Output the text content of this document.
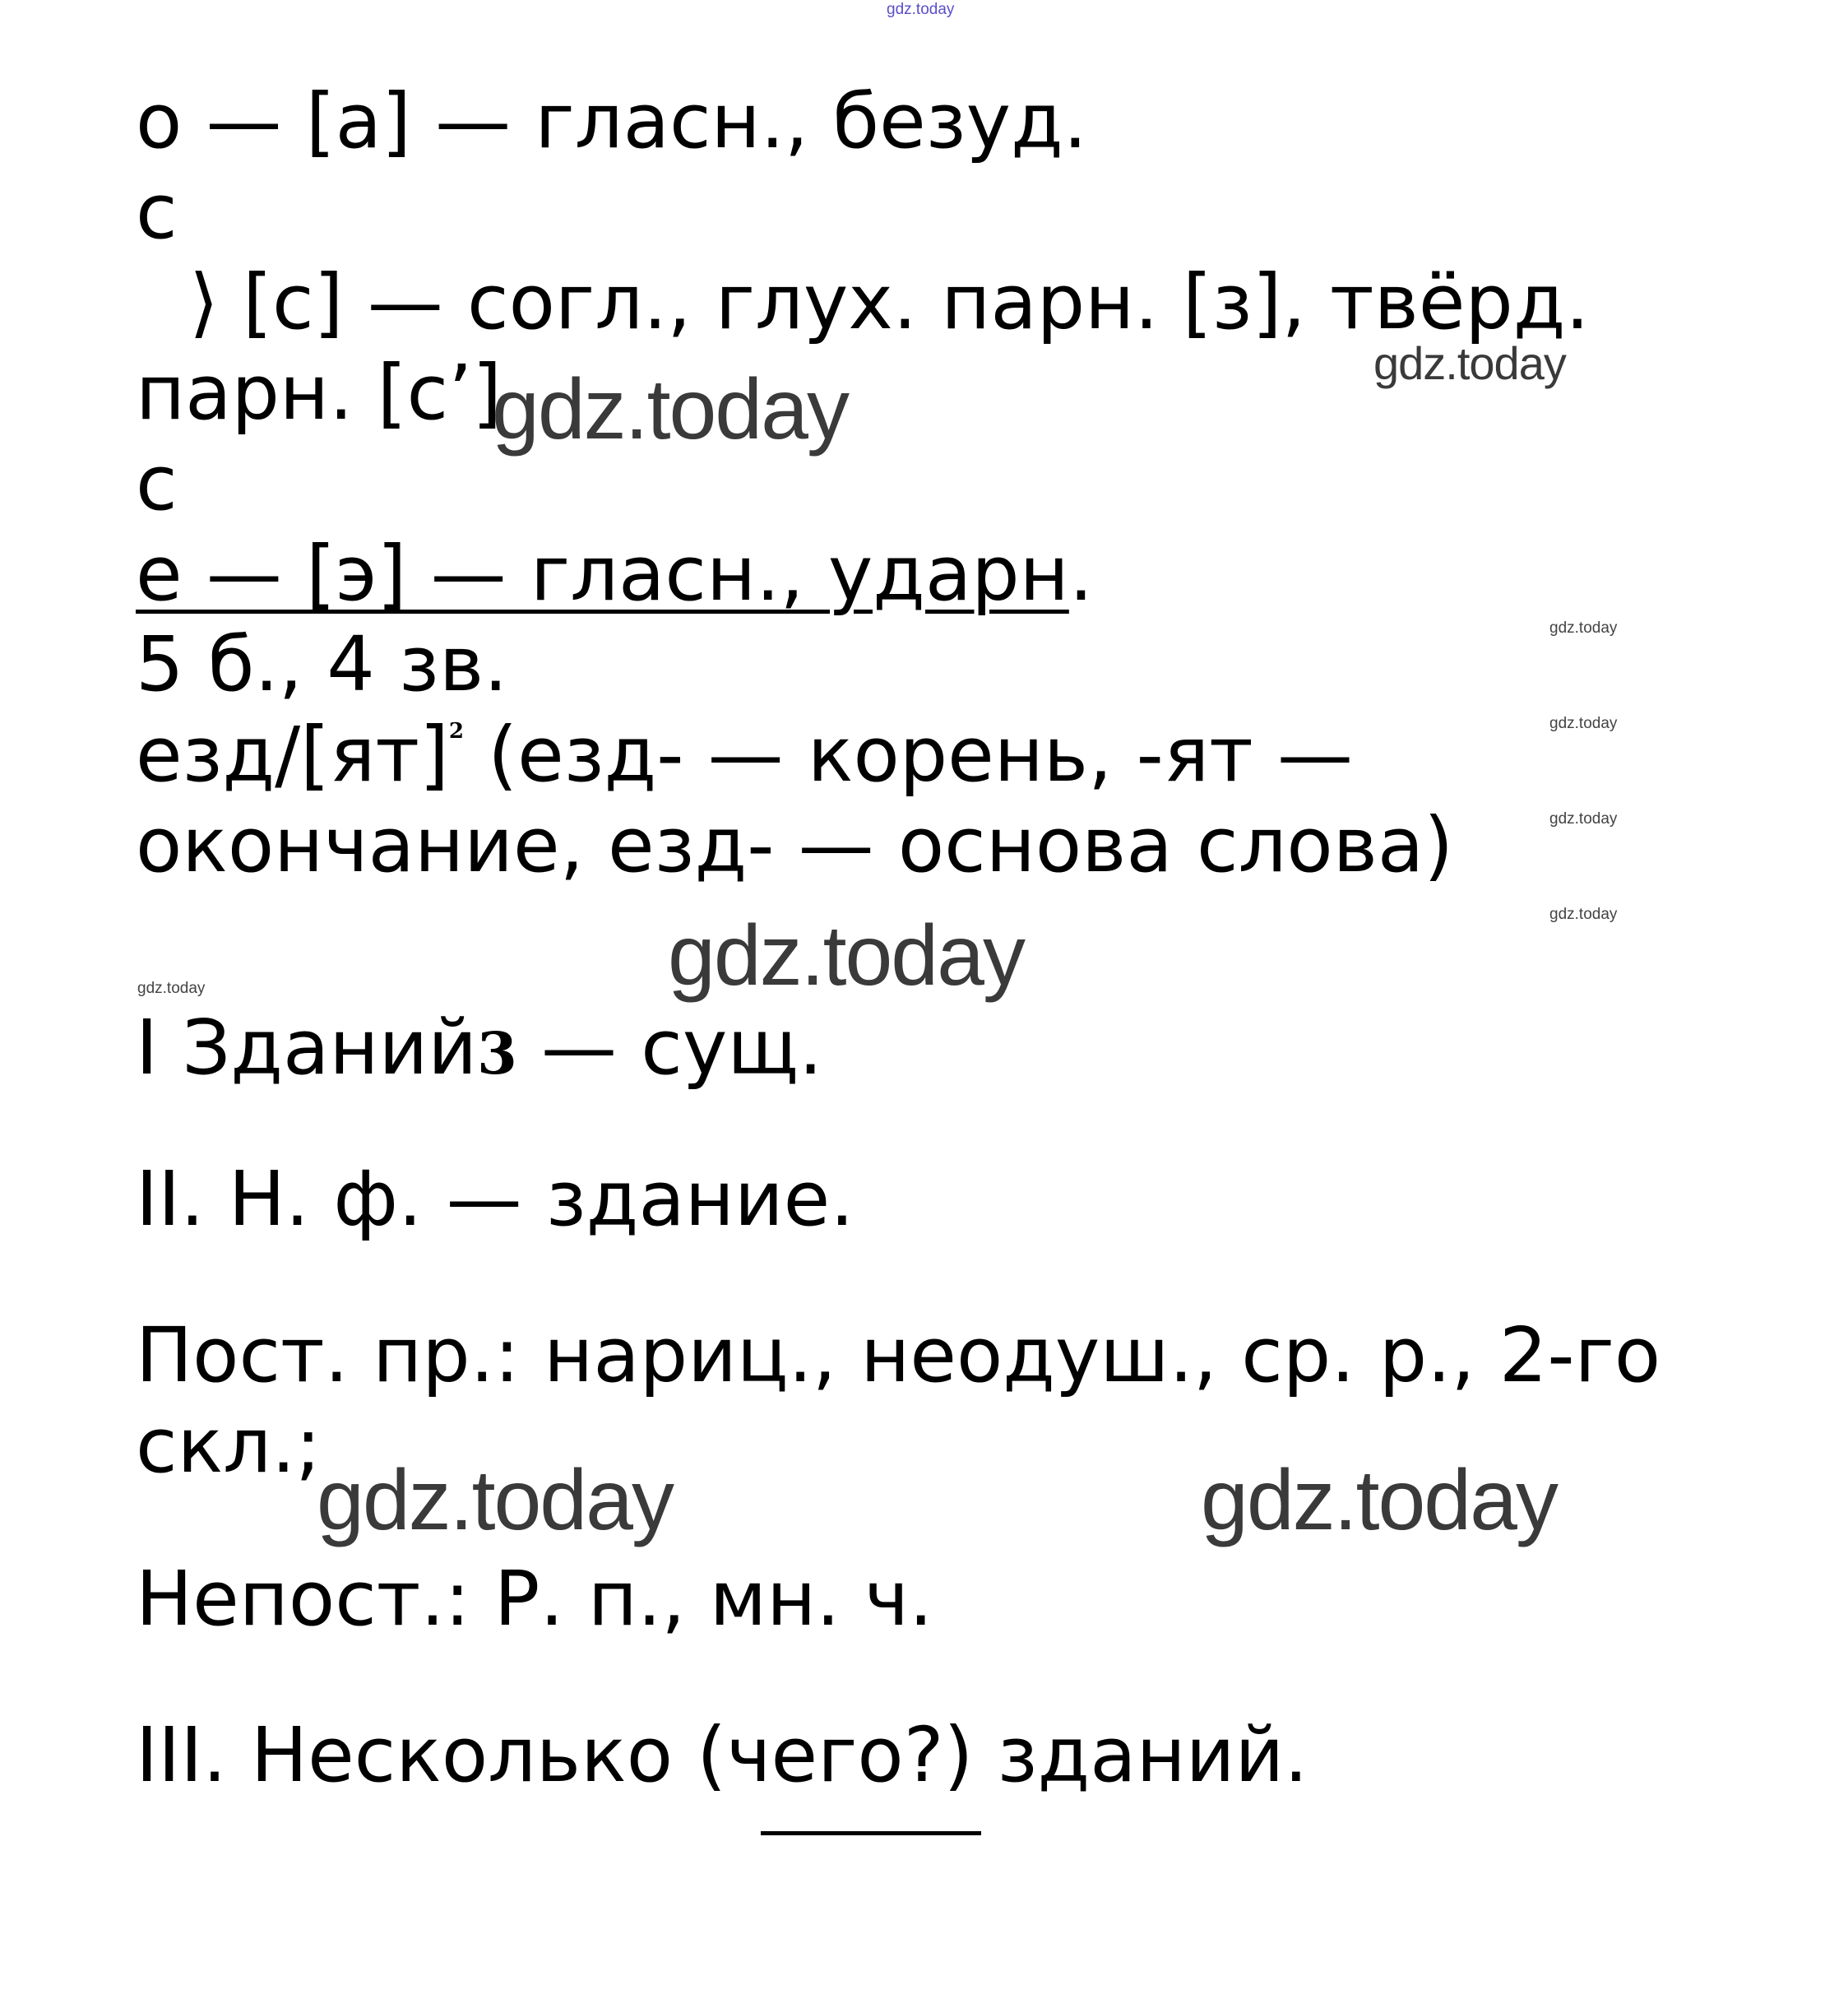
gdz.today
о — [а] — гласн., безуд.
с
⟩ [с] — согл., глух. парн. [з], твёрд.
парн. [с’]
с
е — [э] — гласн., ударн.
5 б., 4 зв.
езд/[ят]$^2$ (езд- — корень, -ят —
окончание, езд- — основа слова)
I Зданий3 — сущ.
II. Н. ф. — здание.
Пост. пр.: нариц., неодуш., ср. р., 2-го
скл.;
Непост.: Р. п., мн. ч.
III. Несколько (чего?) зданий.
gdz.today
gdz.today
gdz.today
gdz.today
gdz.today
gdz.today
gdz.today
gdz.today
gdz.today	gdz.today
